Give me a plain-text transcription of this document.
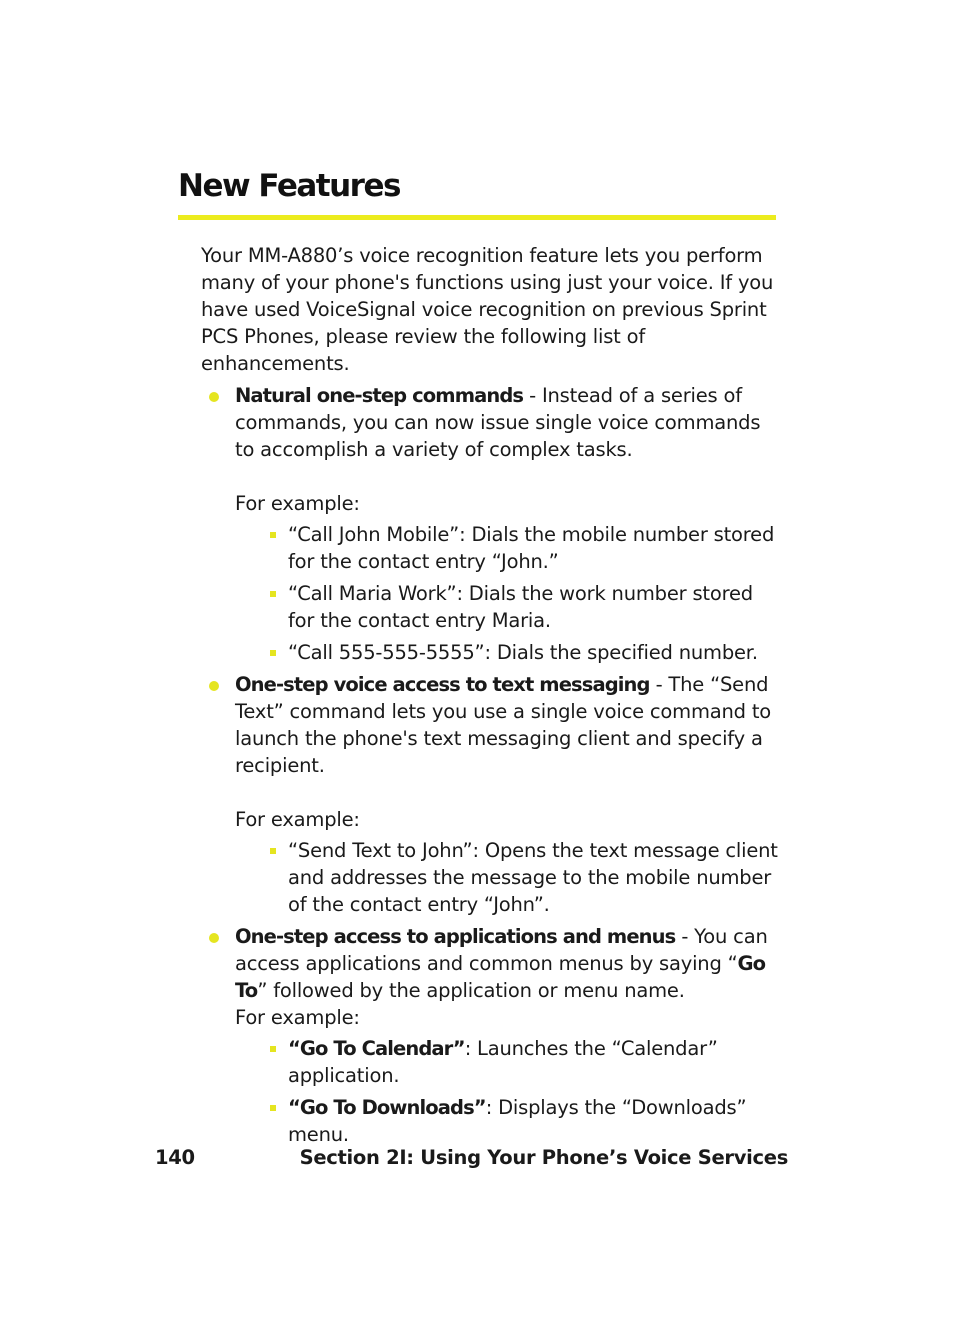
New Features

Your MM-A880’s voice recognition feature lets you perform many of your phone's functions using just your voice. If you have used VoiceSignal voice recognition on previous Sprint PCS Phones, please review the following list of enhancements.

Natural one-step commands - Instead of a series of commands, you can now issue single voice commands to accomplish a variety of complex tasks.

For example:

“Call John Mobile”: Dials the mobile number stored for the contact entry “John.”
“Call Maria Work”: Dials the work number stored for the contact entry Maria.
“Call 555-555-5555”: Dials the specified number.
One-step voice access to text messaging - The “Send Text” command lets you use a single voice command to launch the phone's text messaging client and specify a recipient.

For example:

“Send Text to John”: Opens the text message client and addresses the message to the mobile number of the contact entry “John”.
One-step access to applications and menus - You can access applications and common menus by saying “Go To” followed by the application or menu name.

For example:

“Go To Calendar”: Launches the “Calendar” application.
“Go To Downloads”: Displays the “Downloads” menu.
140	Section 2I: Using Your Phone’s Voice Services
